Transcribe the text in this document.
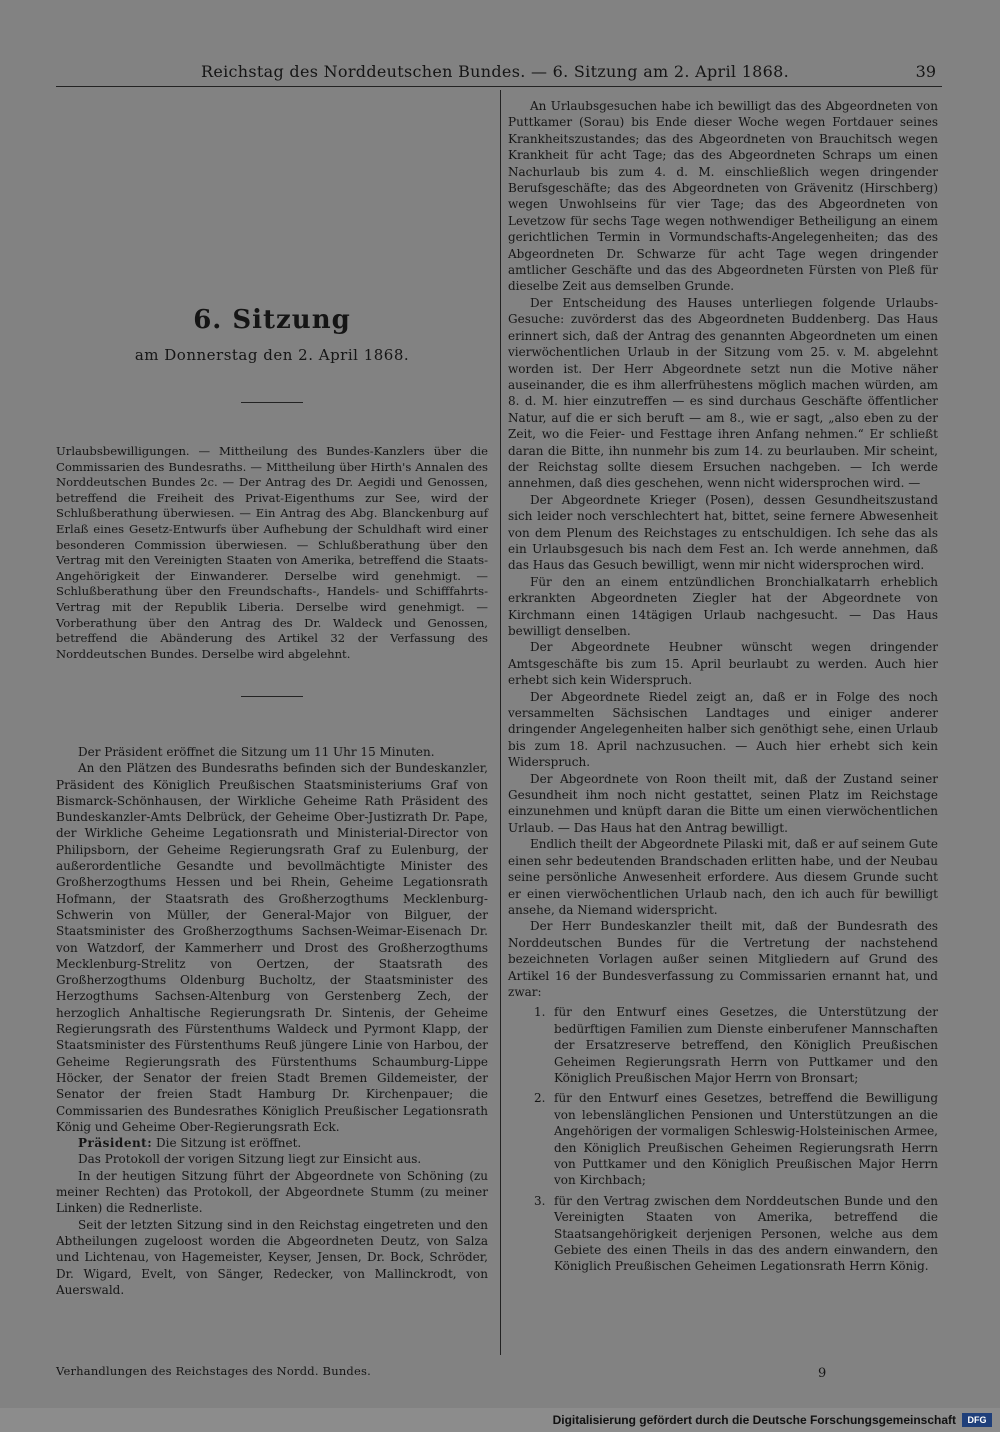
Reichstag des Norddeutschen Bundes. — 6. Sitzung am 2. April 1868.	39
6. Sitzung
am Donnerstag den 2. April 1868.

Urlaubsbewilligungen. — Mittheilung des Bundes-Kanzlers über die Commissarien des Bundesraths. — Mittheilung über Hirth's Annalen des Norddeutschen Bundes 2c. — Der Antrag des Dr. Aegidi und Genossen, betreffend die Freiheit des Privat-Eigenthums zur See, wird der Schlußberathung überwiesen. — Ein Antrag des Abg. Blanckenburg auf Erlaß eines Gesetz-Entwurfs über Aufhebung der Schuldhaft wird einer besonderen Commission überwiesen. — Schlußberathung über den Vertrag mit den Vereinigten Staaten von Amerika, betreffend die Staats-Angehörigkeit der Einwanderer. Derselbe wird genehmigt. — Schlußberathung über den Freundschafts-, Handels- und Schifffahrts-Vertrag mit der Republik Liberia. Derselbe wird genehmigt. — Vorberathung über den Antrag des Dr. Waldeck und Genossen, betreffend die Abänderung des Artikel 32 der Verfassung des Norddeutschen Bundes. Derselbe wird abgelehnt.

Der Präsident eröffnet die Sitzung um 11 Uhr 15 Minuten.

An den Plätzen des Bundesraths befinden sich der Bundeskanzler, Präsident des Königlich Preußischen Staatsministeriums Graf von Bismarck-Schönhausen, der Wirkliche Geheime Rath Präsident des Bundeskanzler-Amts Delbrück, der Geheime Ober-Justizrath Dr. Pape, der Wirkliche Geheime Legationsrath und Ministerial-Director von Philipsborn, der Geheime Regierungsrath Graf zu Eulenburg, der außerordentliche Gesandte und bevollmächtigte Minister des Großherzogthums Hessen und bei Rhein, Geheime Legationsrath Hofmann, der Staatsrath des Großherzogthums Mecklenburg-Schwerin von Müller, der General-Major von Bilguer, der Staatsminister des Großherzogthums Sachsen-Weimar-Eisenach Dr. von Watzdorf, der Kammerherr und Drost des Großherzogthums Mecklenburg-Strelitz von Oertzen, der Staatsrath des Großherzogthums Oldenburg Bucholtz, der Staatsminister des Herzogthums Sachsen-Altenburg von Gerstenberg Zech, der herzoglich Anhaltische Regierungsrath Dr. Sintenis, der Geheime Regierungsrath des Fürstenthums Waldeck und Pyrmont Klapp, der Staatsminister des Fürstenthums Reuß jüngere Linie von Harbou, der Geheime Regierungsrath des Fürstenthums Schaumburg-Lippe Höcker, der Senator der freien Stadt Bremen Gildemeister, der Senator der freien Stadt Hamburg Dr. Kirchenpauer; die Commissarien des Bundesrathes Königlich Preußischer Legationsrath König und Geheime Ober-Regierungsrath Eck.

Präsident: Die Sitzung ist eröffnet.

Das Protokoll der vorigen Sitzung liegt zur Einsicht aus.

In der heutigen Sitzung führt der Abgeordnete von Schöning (zu meiner Rechten) das Protokoll, der Abgeordnete Stumm (zu meiner Linken) die Rednerliste.

Seit der letzten Sitzung sind in den Reichstag eingetreten und den Abtheilungen zugeloost worden die Abgeordneten Deutz, von Salza und Lichtenau, von Hagemeister, Keyser, Jensen, Dr. Bock, Schröder, Dr. Wigard, Evelt, von Sänger, Redecker, von Mallinckrodt, von Auerswald.

Verhandlungen des Reichstages des Nordd. Bundes.	9

An Urlaubsgesuchen habe ich bewilligt das des Abgeordneten von Puttkamer (Sorau) bis Ende dieser Woche wegen Fortdauer seines Krankheitszustandes; das des Abgeordneten von Brauchitsch wegen Krankheit für acht Tage; das des Abgeordneten Schraps um einen Nachurlaub bis zum 4. d. M. einschließlich wegen dringender Berufsgeschäfte; das des Abgeordneten von Grävenitz (Hirschberg) wegen Unwohlseins für vier Tage; das des Abgeordneten von Levetzow für sechs Tage wegen nothwendiger Betheiligung an einem gerichtlichen Termin in Vormundschafts-Angelegenheiten; das des Abgeordneten Dr. Schwarze für acht Tage wegen dringender amtlicher Geschäfte und das des Abgeordneten Fürsten von Pleß für dieselbe Zeit aus demselben Grunde.

Der Entscheidung des Hauses unterliegen folgende Urlaubs-Gesuche: zuvörderst das des Abgeordneten Buddenberg. Das Haus erinnert sich, daß der Antrag des genannten Abgeordneten um einen vierwöchentlichen Urlaub in der Sitzung vom 25. v. M. abgelehnt worden ist. Der Herr Abgeordnete setzt nun die Motive näher auseinander, die es ihm allerfrühestens möglich machen würden, am 8. d. M. hier einzutreffen — es sind durchaus Geschäfte öffentlicher Natur, auf die er sich beruft — am 8., wie er sagt, „also eben zu der Zeit, wo die Feier- und Festtage ihren Anfang nehmen.“ Er schließt daran die Bitte, ihn nunmehr bis zum 14. zu beurlauben. Mir scheint, der Reichstag sollte diesem Ersuchen nachgeben. — Ich werde annehmen, daß dies geschehen, wenn nicht widersprochen wird. —

Der Abgeordnete Krieger (Posen), dessen Gesundheitszustand sich leider noch verschlechtert hat, bittet, seine fernere Abwesenheit von dem Plenum des Reichstages zu entschuldigen. Ich sehe das als ein Urlaubsgesuch bis nach dem Fest an. Ich werde annehmen, daß das Haus das Gesuch bewilligt, wenn mir nicht widersprochen wird.

Für den an einem entzündlichen Bronchialkatarrh erheblich erkrankten Abgeordneten Ziegler hat der Abgeordnete von Kirchmann einen 14tägigen Urlaub nachgesucht. — Das Haus bewilligt denselben.

Der Abgeordnete Heubner wünscht wegen dringender Amtsgeschäfte bis zum 15. April beurlaubt zu werden. Auch hier erhebt sich kein Widerspruch.

Der Abgeordnete Riedel zeigt an, daß er in Folge des noch versammelten Sächsischen Landtages und einiger anderer dringender Angelegenheiten halber sich genöthigt sehe, einen Urlaub bis zum 18. April nachzusuchen. — Auch hier erhebt sich kein Widerspruch.

Der Abgeordnete von Roon theilt mit, daß der Zustand seiner Gesundheit ihm noch nicht gestattet, seinen Platz im Reichstage einzunehmen und knüpft daran die Bitte um einen vierwöchentlichen Urlaub. — Das Haus hat den Antrag bewilligt.

Endlich theilt der Abgeordnete Pilaski mit, daß er auf seinem Gute einen sehr bedeutenden Brandschaden erlitten habe, und der Neubau seine persönliche Anwesenheit erfordere. Aus diesem Grunde sucht er einen vierwöchentlichen Urlaub nach, den ich auch für bewilligt ansehe, da Niemand widerspricht.

Der Herr Bundeskanzler theilt mit, daß der Bundesrath des Norddeutschen Bundes für die Vertretung der nachstehend bezeichneten Vorlagen außer seinen Mitgliedern auf Grund des Artikel 16 der Bundesverfassung zu Commissarien ernannt hat, und zwar:

1. für den Entwurf eines Gesetzes, die Unterstützung der bedürftigen Familien zum Dienste einberufener Mannschaften der Ersatzreserve betreffend, den Königlich Preußischen Geheimen Regierungsrath Herrn von Puttkamer und den Königlich Preußischen Major Herrn von Bronsart;
2. für den Entwurf eines Gesetzes, betreffend die Bewilligung von lebenslänglichen Pensionen und Unterstützungen an die Angehörigen der vormaligen Schleswig-Holsteinischen Armee, den Königlich Preußischen Geheimen Regierungsrath Herrn von Puttkamer und den Königlich Preußischen Major Herrn von Kirchbach;
3. für den Vertrag zwischen dem Norddeutschen Bunde und den Vereinigten Staaten von Amerika, betreffend die Staatsangehörigkeit derjenigen Personen, welche aus dem Gebiete des einen Theils in das des andern einwandern, den Königlich Preußischen Geheimen Legationsrath Herrn König.
Digitalisierung gefördert durch die Deutsche Forschungsgemeinschaft	DFG
